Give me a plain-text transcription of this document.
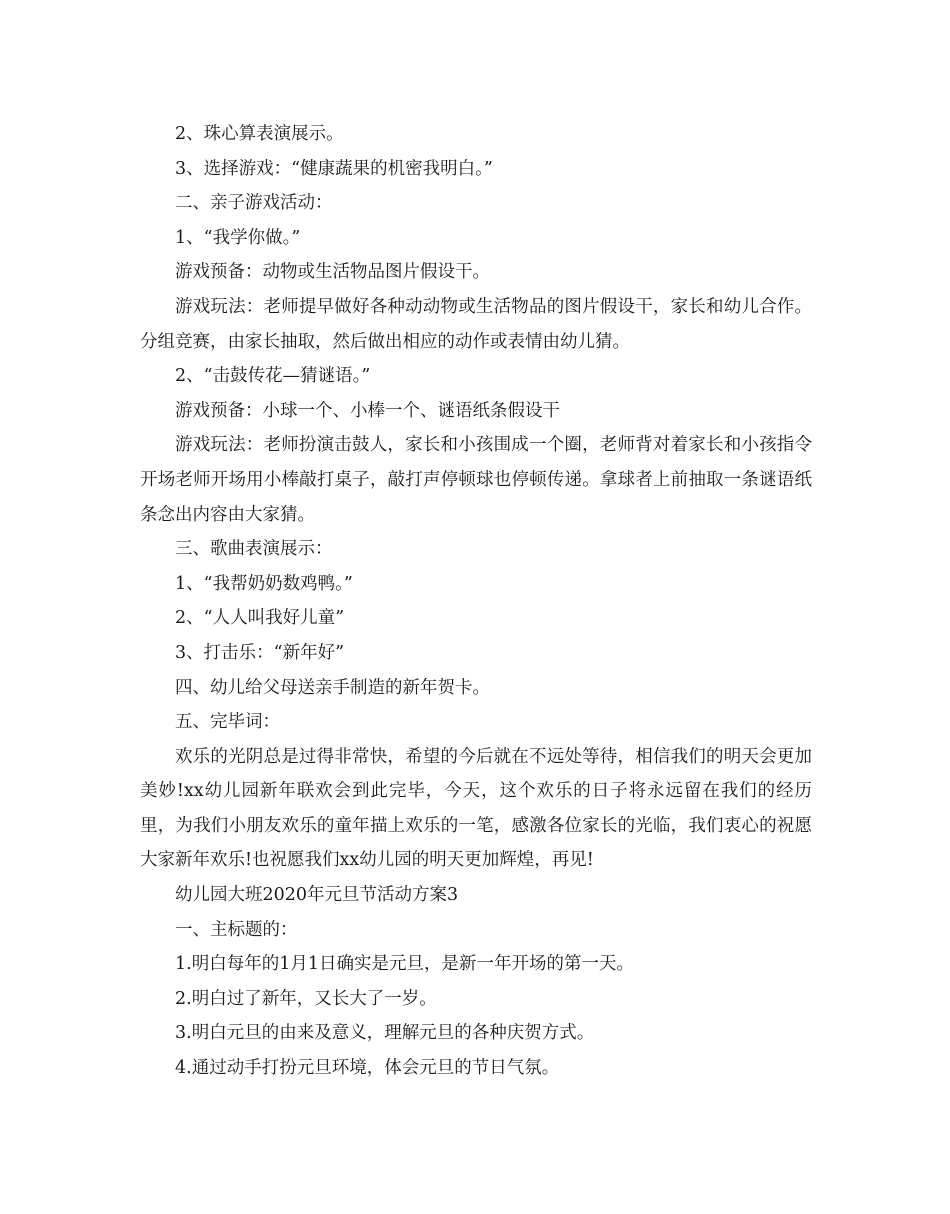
2、珠心算表演展示。

3、选择游戏：“健康蔬果的机密我明白。”

二、亲子游戏活动：

1、“我学你做。”

游戏预备：动物或生活物品图片假设干。

游戏玩法：老师提早做好各种动动物或生活物品的图片假设干，家长和幼儿合作。分组竞赛，由家长抽取，然后做出相应的动作或表情由幼儿猜。

2、“击鼓传花—猜谜语。”

游戏预备：小球一个、小棒一个、谜语纸条假设干

游戏玩法：老师扮演击鼓人，家长和小孩围成一个圈，老师背对着家长和小孩指令开场老师开场用小棒敲打桌子，敲打声停顿球也停顿传递。拿球者上前抽取一条谜语纸条念出内容由大家猜。

三、歌曲表演展示：

1、“我帮奶奶数鸡鸭。”

2、“人人叫我好儿童”

3、打击乐：“新年好”

四、幼儿给父母送亲手制造的新年贺卡。

五、完毕词：

欢乐的光阴总是过得非常快，希望的今后就在不远处等待，相信我们的明天会更加美妙!xx幼儿园新年联欢会到此完毕，今天，这个欢乐的日子将永远留在我们的经历里，为我们小朋友欢乐的童年描上欢乐的一笔，感激各位家长的光临，我们衷心的祝愿大家新年欢乐!也祝愿我们xx幼儿园的明天更加辉煌，再见!

幼儿园大班2020年元旦节活动方案3

一、主标题的：

1.明白每年的1月1日确实是元旦，是新一年开场的第一天。

2.明白过了新年，又长大了一岁。

3.明白元旦的由来及意义，理解元旦的各种庆贺方式。

4.通过动手打扮元旦环境，体会元旦的节日气氛。
